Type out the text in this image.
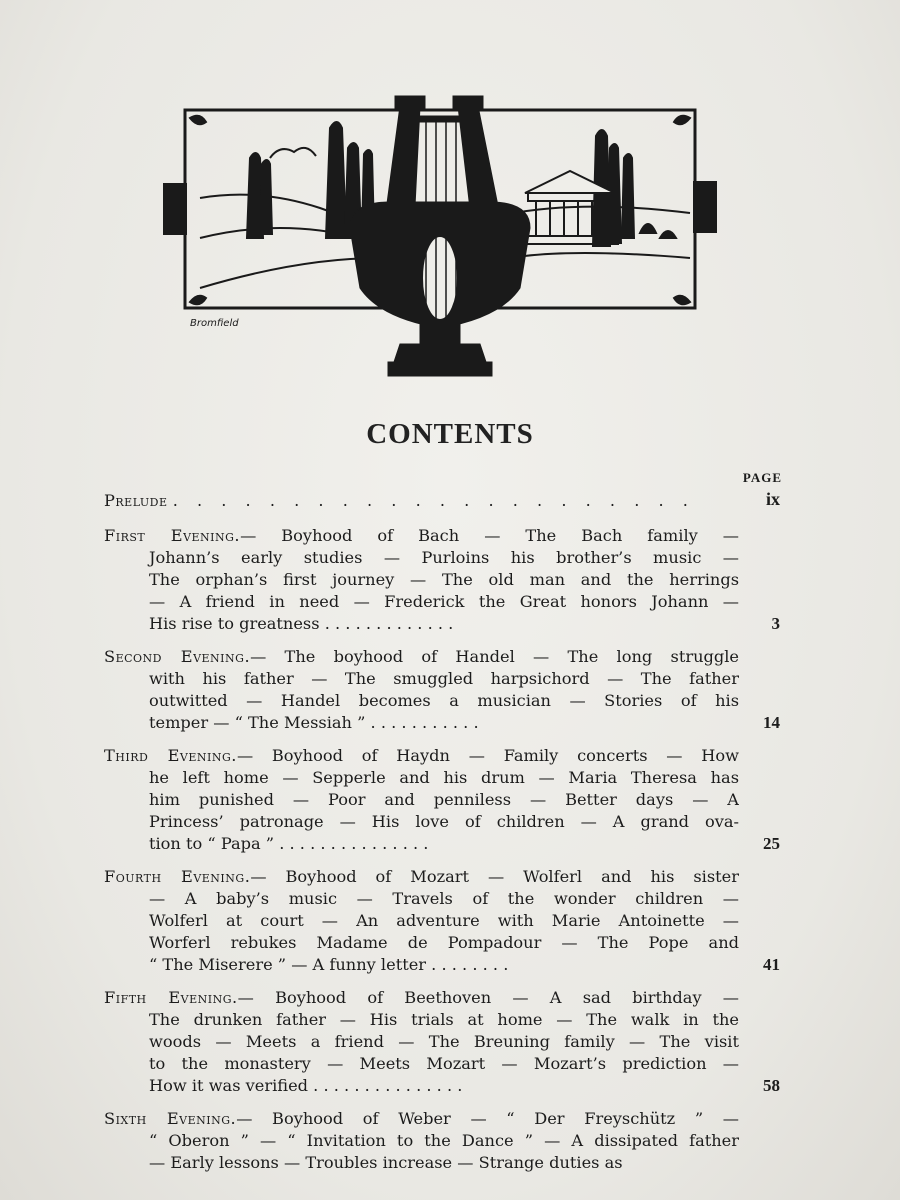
Bromfield
CONTENTS
PAGE
Prelude . . . . . . . . . . . . . . . . . . . . . .	ix
First Evening.— Boyhood of Bach — The Bach family —
Johann’s early studies — Purloins his brother’s music —
The orphan’s first journey — The old man and the herrings
— A friend in need — Frederick the Great honors Johann —
His rise to greatness . . . . . . . . . . . . .	3
Second Evening.— The boyhood of Handel — The long struggle
with his father — The smuggled harpsichord — The father
outwitted — Handel becomes a musician — Stories of his
temper — “ The Messiah ” . . . . . . . . . . .	14
Third Evening.— Boyhood of Haydn — Family concerts — How
he left home — Sepperle and his drum — Maria Theresa has
him punished — Poor and penniless — Better days — A
Princess’ patronage — His love of children — A grand ova-
tion to “ Papa ” . . . . . . . . . . . . . . .	25
Fourth Evening.— Boyhood of Mozart — Wolferl and his sister
— A baby’s music — Travels of the wonder children —
Wolferl at court — An adventure with Marie Antoinette —
Worferl rebukes Madame de Pompadour — The Pope and
“ The Miserere ” — A funny letter . . . . . . . .	41
Fifth Evening.— Boyhood of Beethoven — A sad birthday —
The drunken father — His trials at home — The walk in the
woods — Meets a friend — The Breuning family — The visit
to the monastery — Meets Mozart — Mozart’s prediction —
How it was verified . . . . . . . . . . . . . . .	58
Sixth Evening.— Boyhood of Weber — “ Der Freyschütz ” —
“ Oberon ” — “ Invitation to the Dance ” — A dissipated father
— Early lessons — Troubles increase — Strange duties as
